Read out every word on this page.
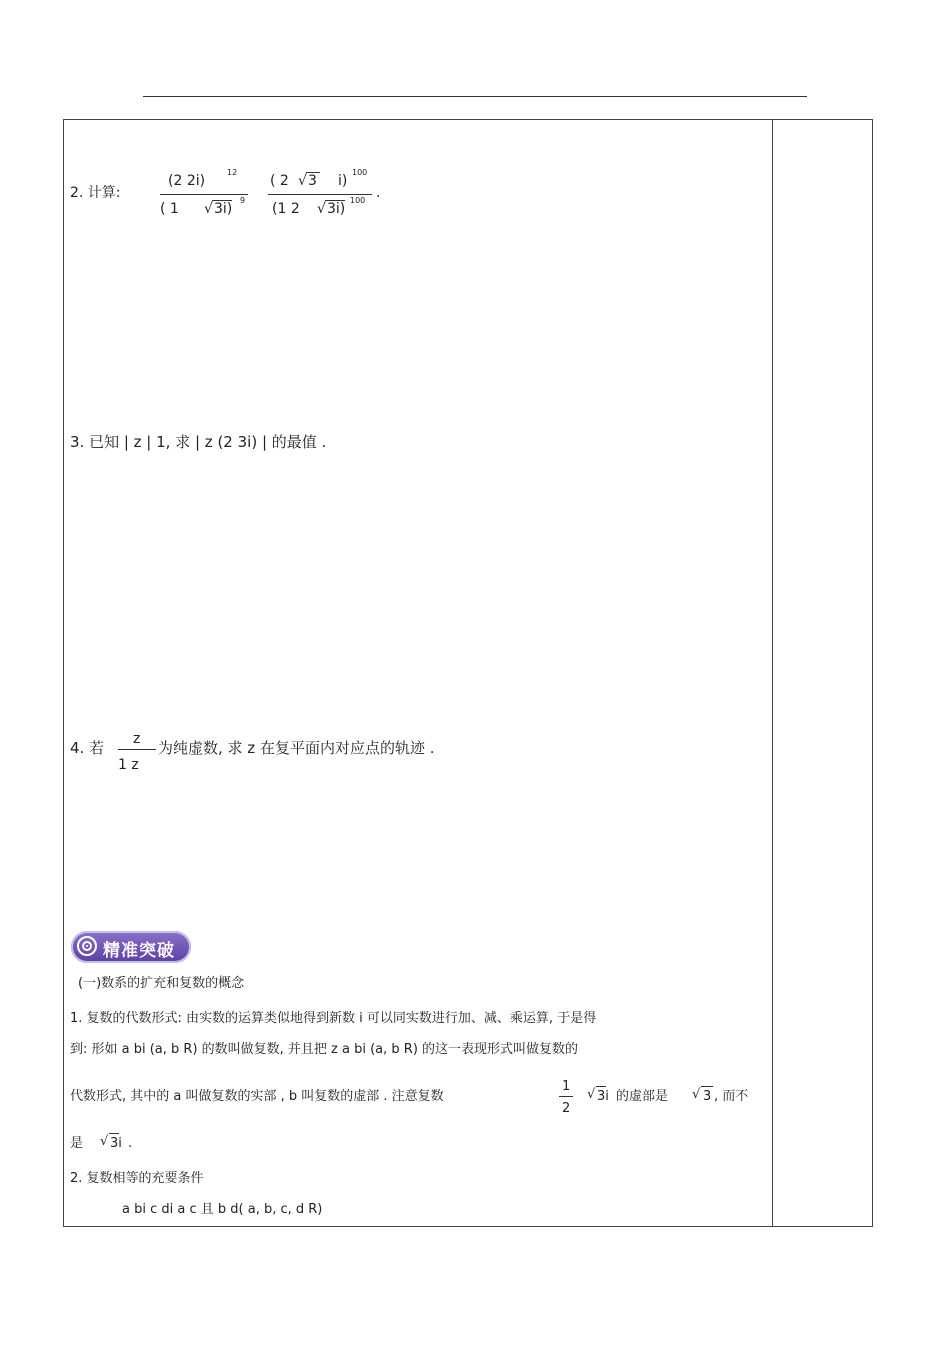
2. 计算:
(2 2i)
12
( 1 √ 3i)
9
( 2 √ 3 i)
100
(1 2 √ 3i)
100 .
3. 已知 | z | 1, 求 | z (2 3i) | 的最值 .
4. 若 z
1 z
为纯虚数, 求 z 在复平面内对应点的轨迹 .
精准突破
(一)数系的扩充和复数的概念
1. 复数的代数形式: 由实数的运算类似地得到新数 i 可以同实数进行加、减、乘运算, 于是得
到: 形如 a bi (a, b R) 的数叫做复数, 并且把 z a bi (a, b R) 的这一表现形式叫做复数的
代数形式, 其中的 a 叫做复数的实部 , b 叫复数的虚部 . 注意复数
1
2
√ 3i 的虚部是 √ 3 , 而不
是 √ 3i .
2. 复数相等的充要条件
a bi c di a c 且 b d( a, b, c, d R)
